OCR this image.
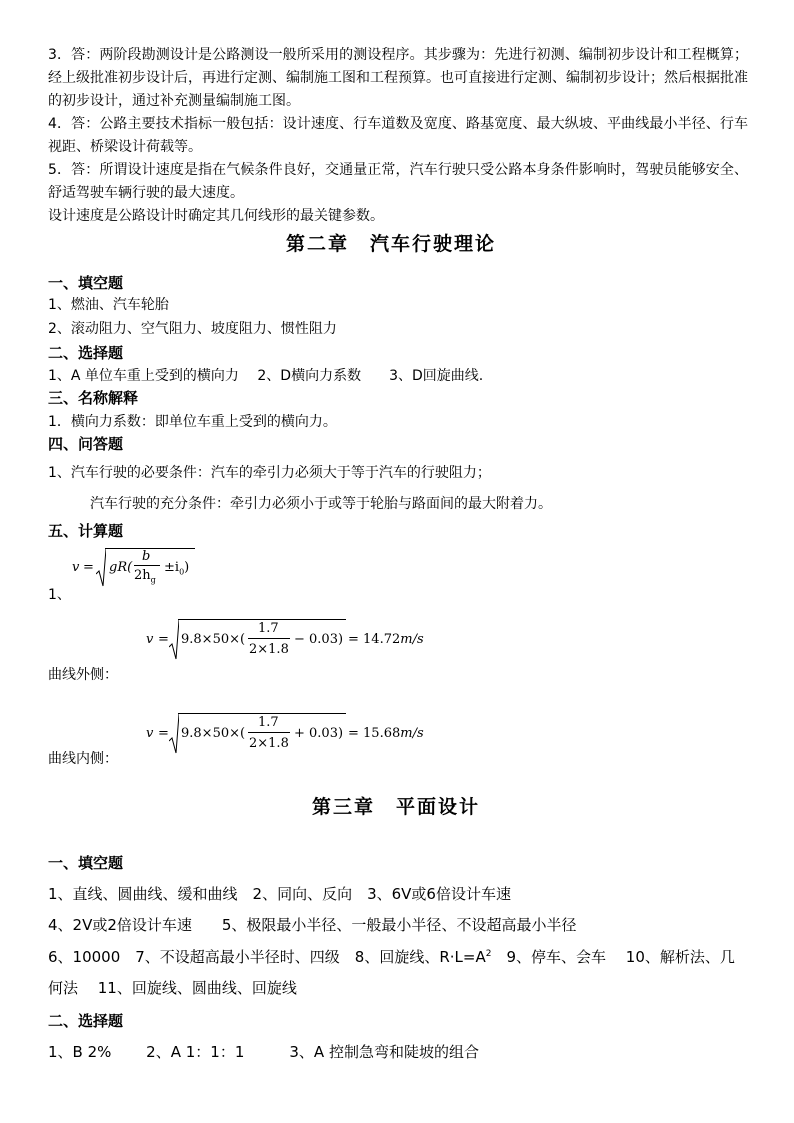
3．答：两阶段勘测设计是公路测设一般所采用的测设程序。其步骤为：先进行初测、编制初步设计和工程概算；经上级批准初步设计后，再进行定测、编制施工图和工程预算。也可直接进行定测、编制初步设计；然后根据批准的初步设计，通过补充测量编制施工图。
4．答：公路主要技术指标一般包括：设计速度、行车道数及宽度、路基宽度、最大纵坡、平曲线最小半径、行车视距、桥梁设计荷载等。
5．答：所谓设计速度是指在气候条件良好，交通量正常，汽车行驶只受公路本身条件影响时，驾驶员能够安全、舒适驾驶车辆行驶的最大速度。
设计速度是公路设计时确定其几何线形的最关键参数。
第二章　汽车行驶理论
一、填空题
1、燃油、汽车轮胎
2、滚动阻力、空气阻力、坡度阻力、惯性阻力
二、选择题
1、A 单位车重上受到的横向力　 2、D横向力系数　　3、D回旋曲线.
三、名称解释
1．横向力系数：即单位车重上受到的横向力。
四、问答题
1、汽车行驶的必要条件：汽车的牵引力必须大于等于汽车的行驶阻力；
汽车行驶的充分条件：牵引力必须小于或等于轮胎与路面间的最大附着力。
五、计算题
v = gR(
b
$2h_g$
$\pm i_0$)
1、
v = 9.8×50×(
1.7
2×1.8
− 0.03) = 14.72m/s
曲线外侧：
v = 9.8×50×(
1.7
2×1.8
+ 0.03) = 15.68m/s
曲线内侧：
第三章　平面设计
一、填空题
1、直线、圆曲线、缓和曲线　2、同向、反向　3、6V或6倍设计车速
4、2V或2倍设计车速　　5、极限最小半径、一般最小半径、不设超高最小半径
6、10000　7、不设超高最小半径时、四级　8、回旋线、$R\cdot L=A^2$　9、停车、会车　 10、解析法、几
何法　 11、回旋线、圆曲线、回旋线
二、选择题
1、B 2%　　 2、A 1：1：1　　　3、A 控制急弯和陡坡的组合
